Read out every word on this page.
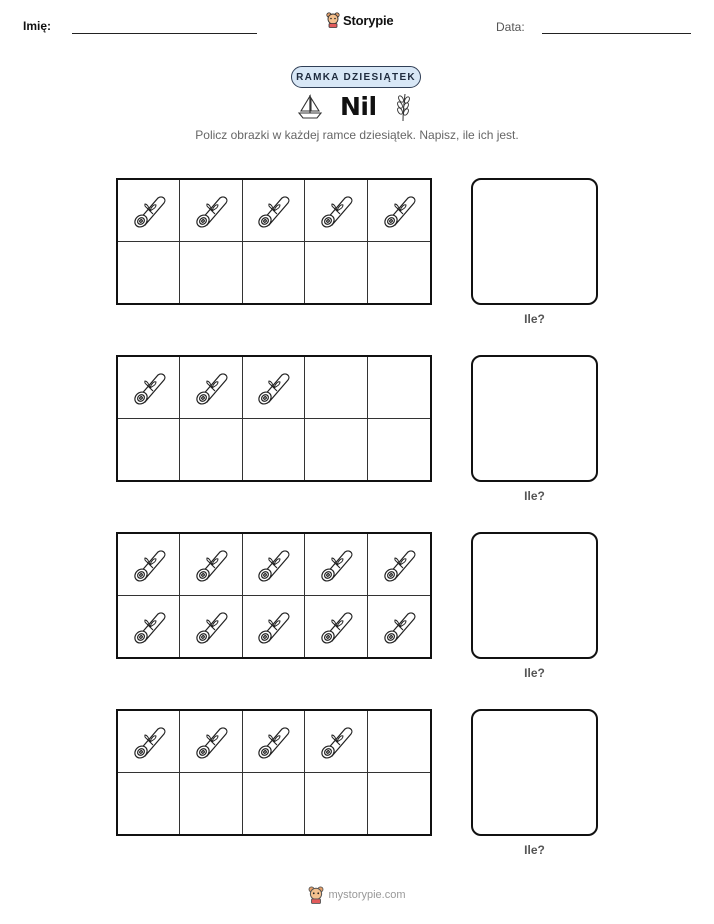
Imię:	Storypie	Data:
RAMKA DZIESIĄTEK
Nil
Policz obrazki w każdej ramce dziesiątek. Napisz, ile ich jest.
Ile?
Ile?
Ile?
Ile?
mystorypie.com
